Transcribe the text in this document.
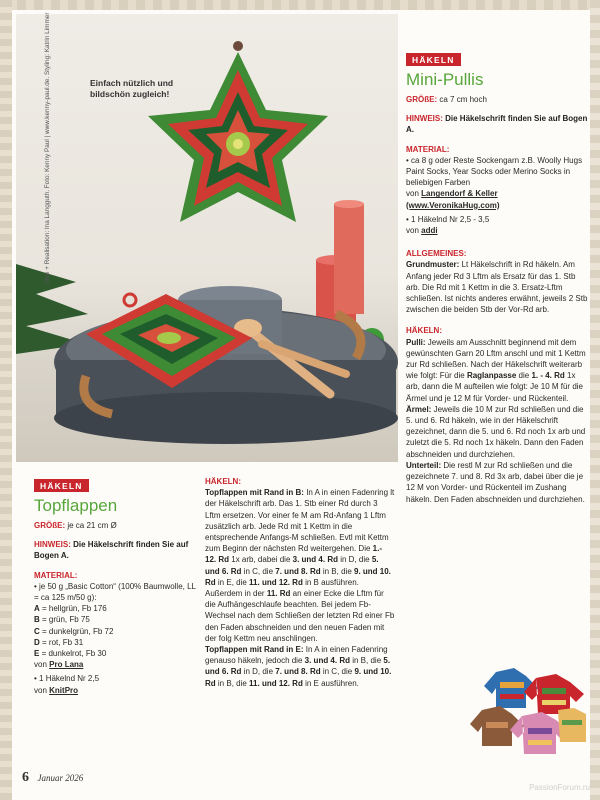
Einfach nützlich und bildschön zugleich!
Idee + Realisation: Ina Langguth. Foto: Kenny Paul | www.kenny-paul.de. Styling: Katrin Limmer	HÄKELN
Mini-Pullis
GRÖßE: ca 7 cm hoch
HINWEIS: Die Häkelschrift finden Sie auf Bogen A.
MATERIAL:
• ca 8 g oder Reste Sockengarn z.B. Woolly Hugs Paint Socks, Year Socks oder Merino Socks in beliebigen Farben
von Langendorf & Keller
(www.VeronikaHug.com)
• 1 Häkelnd Nr 2,5 - 3,5
von addi
ALLGEMEINES:
Grundmuster: Lt Häkelschrift in Rd häkeln. Am Anfang jeder Rd 3 Lftm als Ersatz für das 1. Stb arb. Die Rd mit 1 Kettm in die 3. Ersatz-Lftm schließen. Ist nichts anderes erwähnt, jeweils 2 Stb zwischen die beiden Stb der Vor-Rd arb.
HÄKELN:
Pulli: Jeweils am Ausschnitt beginnend mit dem gewünschten Garn 20 Lftm anschl und mit 1 Kettm zur Rd schließen. Nach der Häkelschrift weiterarb wie folgt: Für die Raglanpasse die 1. - 4. Rd 1x arb, dann die M aufteilen wie folgt: Je 10 M für die Ärmel und je 12 M für Vorder- und Rückenteil.
Ärmel: Jeweils die 10 M zur Rd schließen und die 5. und 6. Rd häkeln, wie in der Häkelschrift gezeichnet, dann die 5. und 6. Rd noch 1x arb und zuletzt die 5. Rd noch 1x häkeln. Dann den Faden abschneiden und durchziehen.
Unterteil: Die restl M zur Rd schließen und die gezeichnete 7. und 8. Rd 3x arb, dabei über die je 12 M von Vorder- und Rückenteil im Zushang häkeln. Den Faden abschneiden und durchziehen.
HÄKELN
Topflappen
GRÖßE: je ca 21 cm Ø
HINWEIS: Die Häkelschrift finden Sie auf Bogen A.
MATERIAL:
• je 50 g „Basic Cotton“ (100% Baumwolle, LL = ca 125 m/50 g):
A = hellgrün, Fb 176
B = grün, Fb 75
C = dunkelgrün, Fb 72
D = rot, Fb 31
E = dunkelrot, Fb 30
von Pro Lana
• 1 Häkelnd Nr 2,5
von KnitPro
HÄKELN:
Topflappen mit Rand in B: In A in einen Fadenring lt der Häkelschrift arb. Das 1. Stb einer Rd durch 3 Lftm ersetzen. Vor einer fe M am Rd-Anfang 1 Lftm zusätzlich arb. Jede Rd mit 1 Kettm in die entsprechende Anfangs-M schließen. Evtl mit Kettm zum Beginn der nächsten Rd weitergehen. Die 1.- 12. Rd 1x arb, dabei die 3. und 4. Rd in D, die 5. und 6. Rd in C, die 7. und 8. Rd in B, die 9. und 10. Rd in E, die 11. und 12. Rd in B ausführen. Außerdem in der 11. Rd an einer Ecke die Lftm für die Aufhängeschlaufe beachten. Bei jedem Fb-Wechsel nach dem Schließen der letzten Rd einer Fb den Faden abschneiden und den neuen Faden mit der folg Kettm neu anschlingen.
Topflappen mit Rand in E: In A in einen Fadenring genauso häkeln, jedoch die 3. und 4. Rd in B, die 5. und 6. Rd in D, die 7. und 8. Rd in C, die 9. und 10. Rd in B, die 11. und 12. Rd in E ausführen.
6 Januar 2026
PassionForum.ru
